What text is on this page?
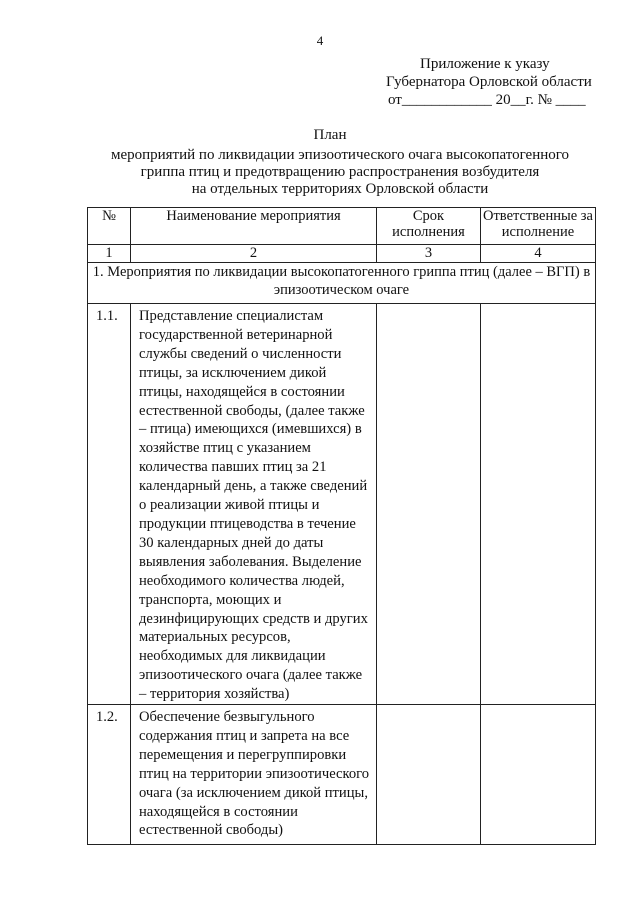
4
Приложение к указу
Губернатора Орловской области
от____________ 20__г. № ____
План
мероприятий по ликвидации эпизоотического очага высокопатогенного
гриппа птиц и предотвращению распространения возбудителя
на отдельных территориях Орловской области
№	Наименование мероприятия	Срок исполнения	Ответственные за исполнение
1	2	3	4
1. Мероприятия по ликвидации высокопатогенного гриппа птиц (далее – ВГП) в эпизоотическом очаге			
1.1.	Представление специалистам государственной ветеринарной службы сведений о численности птицы, за исключением дикой птицы, находящейся в состоянии естественной свободы, (далее также – птица) имеющихся (имевшихся) в хозяйстве птиц с указанием количества павших птиц за 21 календарный день, а также сведений о реализации живой птицы и продукции птицеводства в течение 30 календарных дней до даты выявления заболевания. Выделение необходимого количества людей, транспорта, моющих и дезинфицирующих средств и других материальных ресурсов, необходимых для ликвидации эпизоотического очага (далее также – территория хозяйства)		
1.2.	Обеспечение безвыгульного содержания птиц и запрета на все перемещения и перегруппировки птиц на территории эпизоотического очага (за исключением дикой птицы, находящейся в состоянии естественной свободы)		
